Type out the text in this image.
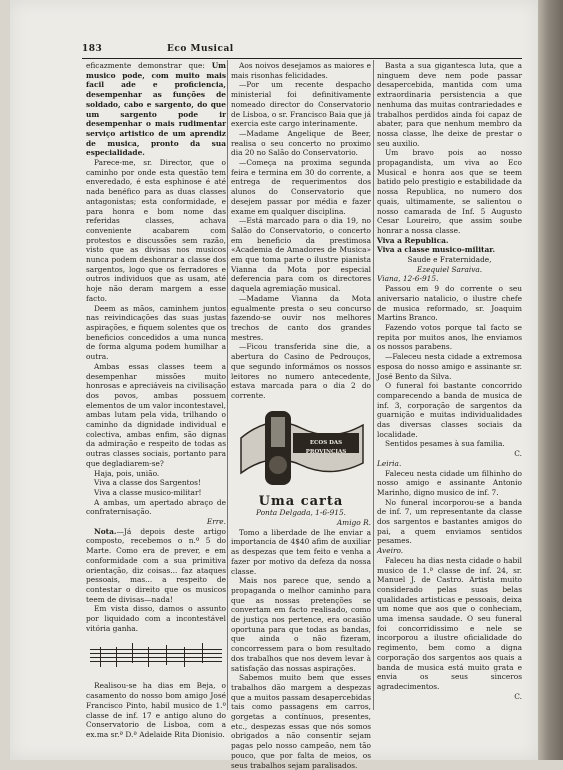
183	Eco Musical

eficazmente demonstrar que: Um musico pode, com muito mais facil ade e proficiencia, desempenhar as funções de soldado, cabo e sargento, do que um sargento pode ir desempenhar o mais rudimentar serviço artistico de um aprendiz de musica, pronto da sua especialidade.

Parece-me, sr. Director, que o caminho por onde esta questão tem enveredado, é esta esphinose é até nada benéfico para as duas classes antagonistas; esta conformidade, e para honra e bom nome das referidas classes, achava conveniente acabarem com protestos e discussões sem razão, visto que as divisas nos musicos nunca podem deshonrar a classe dos sargentos, logo que os ferradores e outros individuos que as usam, até hoje não deram margem a esse facto.

Deem as mãos, caminhem juntos nas reivindicações das suas justas aspirações, e fiquem solentes que os beneficios concedidos a uma nunca de forma alguma podem humilhar a outra.

Ambas essas classes teem a desempenhar missões muito honrosas e apreciáveis na civilisação dos povos, ambas possuem elementos de um valor incontestavel, ambas lutam pela vida, trilhando o caminho da dignidade individual e colectiva, ambas enfim, são dignas da admiração e respeito de todas as outras classes sociais, portanto para que degladiarem-se?

Haja, pois, união.

Viva a classe dos Sargentos!

Viva a classe musico-militar!

A ambas, um apertado abraço de confraternisação.

Erre.

Nota.—Já depois deste artigo composto, recebemos o n.º 5 do Marte. Como era de prever, e em conformidade com a sua primitiva orientação, diz coisas... faz ataques pessoais, mas... a respeito de contestar o direito que os musicos teem de divisas—nada!

Em vista disso, damos o assunto por liquidado com a incontestável vitória ganha.

Realisou-se ha dias em Beja, o casamento do nosso bom amigo José Francisco Pinto, habil musico de 1.º classe de inf. 17 e antigo aluno do Conservatorio de Lisboa, com a ex.ma sr.ª D.ª Adelaide Rita Dionisio.

Aos noivos desejamos as maiores e mais risonhas felicidades.

—Por um recente despacho ministerial foi definitivamente nomeado director do Conservatorio de Lisboa, o sr. Francisco Baia que já exercia este cargo interinamente.

—Madame Angelique de Beer, realisa o seu concerto no proximo dia 20 no Salão do Conservatorio.

—Começa na proxima segunda feira e termina em 30 do corrente, a entrega de requerimentos dos alunos do Conservatorio que desejem passar por média e fazer exame em qualquer disciplina.

—Está marcado para o dia 19, no Salão do Conservatorio, o concerto em beneficio da prestimosa «Academia de Amadores de Musica» em que toma parte o ilustre pianista Vianna da Mota por especial deferencia para com os directores daquela agremiação musical.

—Madame Vianna da Mota egualmente presta o seu concurso fazendo-se ouvir nos melhores trechos de canto dos grandes mestres.

—Ficou transferida sine die, a abertura do Casino de Pedrouços, que segundo informámos os nossos leitores no numero antecedente, estava marcada para o dia 2 do corrente.

ECOS DAS PROVINCIAS
Uma carta

Ponta Delgada, 1-6-915.

Amigo R.

Tomo a liberdade de lhe enviar a importancia de 4$40 afim de auxiliar as despezas que tem feito e venha a fazer por motivo da defeza da nossa classe.

Mais nos parece que, sendo a propaganda o melhor caminho para que as nossas pretenções se convertam em facto realisado, como de justiça nos pertence, era ocasião oportuna para que todas as bandas, que ainda o não fizeram, concorressem para o bom resultado dos trabalhos que nos devem levar à satisfação das nossas aspirações.

Sabemos muito bem que esses trabalhos dão margem a despezas que a muitos passam desapercebidas tais como passagens em carros, gorgetas a contínuos, presentes, etc., despezas essas que nós somos obrigados a não consentir sejam pagas pelo nosso campeão, nem tão pouco, que por falta de meios, os seus trabalhos sejam paralisados.

Basta a sua gigantesca luta, que a ninguem deve nem pode passar desapercebida, mantida com uma extraordinaria persistencia a que nenhuma das muitas contrariedades e trabalhos perdidos ainda foi capaz de abater, para que nenhum membro da nossa classe, lhe deixe de prestar o seu auxilio.

Um bravo pois ao nosso propagandista, um viva ao Eco Musical e honra aos que se teem batido pelo prestigio e estabilidade da nossa Republica, no numero dos quais, ultimamente, se salientou o nosso camarada de Inf. 5 Augusto Cesar Loureiro, que assim soube honrar a nossa classe.

Viva a Republica.

Viva a classe musico-militar.

Saude e Fraternidade,

Ezequiel Saraiva.

Viana, 12-6-915.

Passou em 9 do corrente o seu aniversario natalicio, o ilustre chefe de musica reformado, sr. Joaquim Martins Branco.

Fazendo votos porque tal facto se repita por muitos anos, lhe enviamos os nossos parabens.

—Faleceu nesta cidade a extremosa esposa do nosso amigo e assinante sr. José Bento da Silva.

O funeral foi bastante concorrido comparecendo a banda de musica de inf. 3, corporação de sargentos da guarnição e muitas individualidades das diversas classes sociais da localidade.

Sentidos pesames à sua familia.

C.

Leiria.

Faleceu nesta cidade um filhinho do nosso amigo e assinante Antonio Marinho, digno musico de inf. 7.

No funeral incorporou-se a banda de inf. 7, um representante da classe dos sargentos e bastantes amigos do pai, a quem enviamos sentidos pesames.

Aveiro.

Faleceu ha dias nesta cidade o habil musico de 1.ª classe de inf. 24, sr. Manuel J. de Castro. Artista muito considerado pelas suas belas qualidades artisticas e pessoais, deixa um nome que aos que o conheciam, uma imensa saudade. O seu funeral foi concorridissimo e nele se incorporou a ilustre oficialidade do regimento, bem como a digna corporação dos sargentos aos quais a banda de musica está muito grata e envia os seus sinceros agradecimentos.

C.
